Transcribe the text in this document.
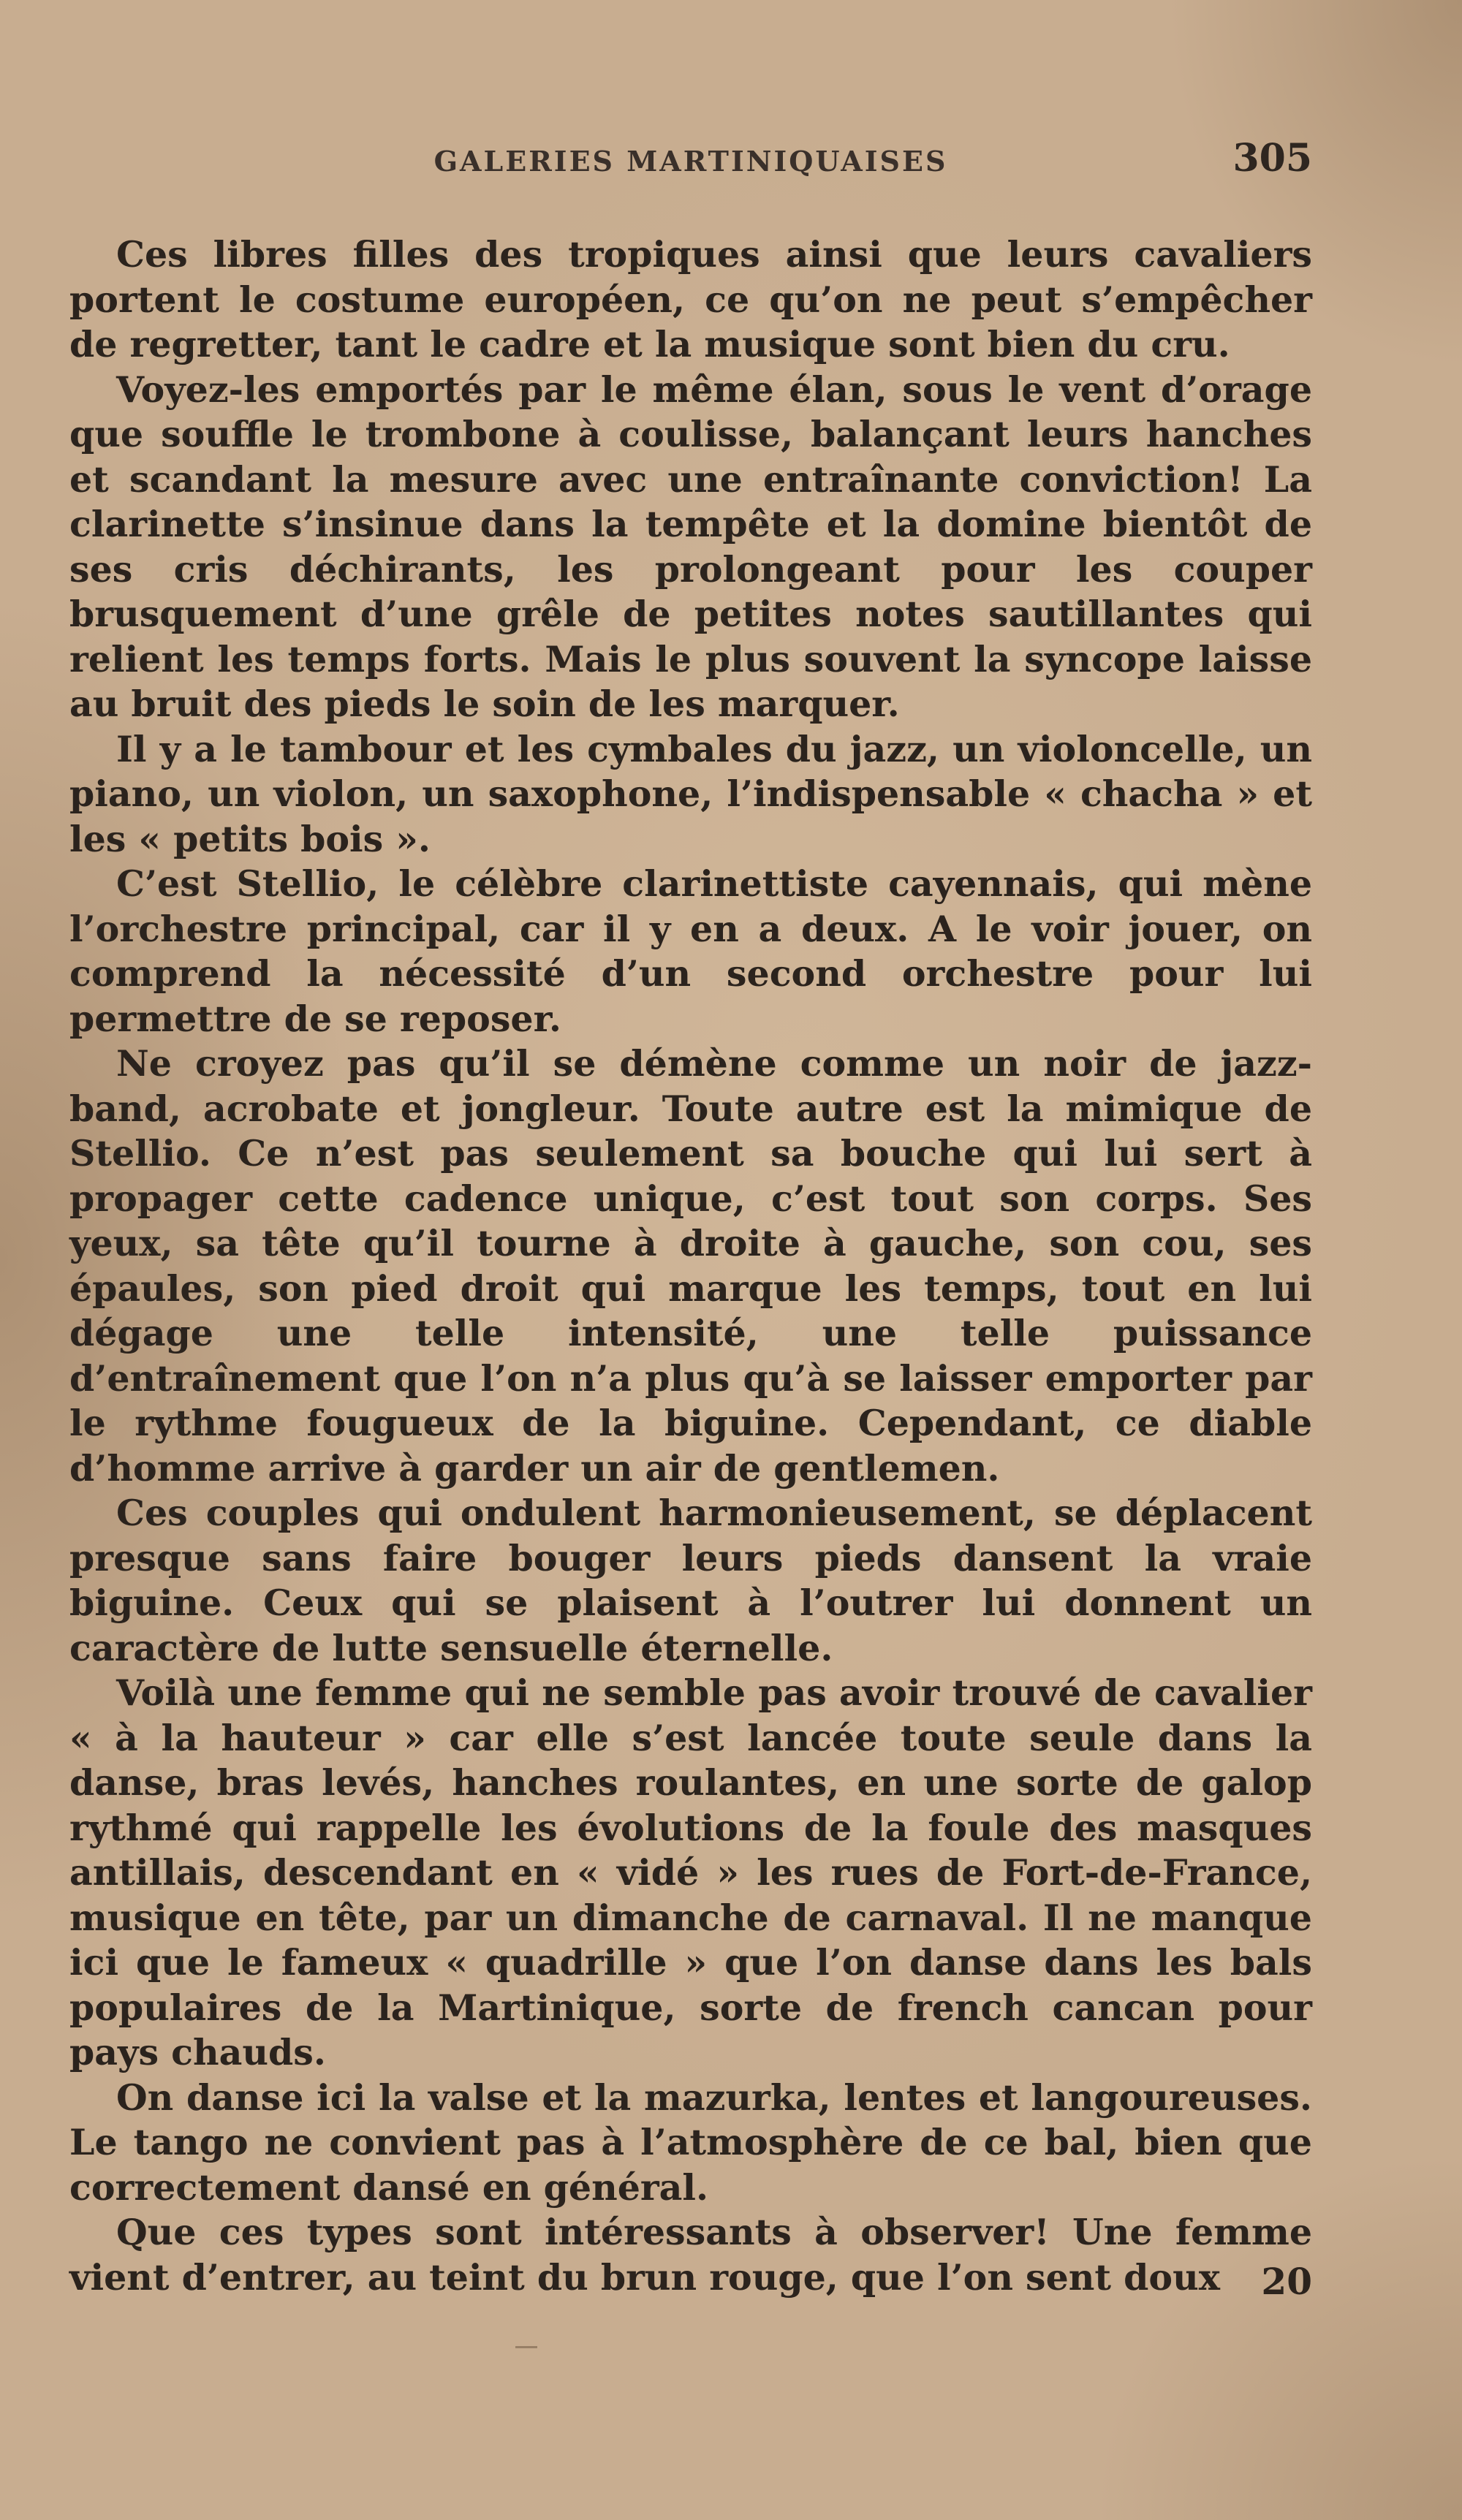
GALERIES MARTINIQUAISES	305

Ces libres filles des tropiques ainsi que leurs cavaliers portent le costume européen, ce qu’on ne peut s’empêcher de regretter, tant le cadre et la musique sont bien du cru.

Voyez-les emportés par le même élan, sous le vent d’orage que souffle le trombone à coulisse, balançant leurs hanches et scandant la mesure avec une entraînante conviction! La clarinette s’insinue dans la tempête et la domine bientôt de ses cris déchirants, les prolongeant pour les couper brusquement d’une grêle de petites notes sautillantes qui relient les temps forts. Mais le plus souvent la syncope laisse au bruit des pieds le soin de les marquer.

Il y a le tambour et les cymbales du jazz, un violoncelle, un piano, un violon, un saxophone, l’indispensable « chacha » et les « petits bois ».

C’est Stellio, le célèbre clarinettiste cayennais, qui mène l’orchestre principal, car il y en a deux. A le voir jouer, on comprend la nécessité d’un second orchestre pour lui permettre de se reposer.

Ne croyez pas qu’il se démène comme un noir de jazz-band, acrobate et jongleur. Toute autre est la mimique de Stellio. Ce n’est pas seulement sa bouche qui lui sert à propager cette cadence unique, c’est tout son corps. Ses yeux, sa tête qu’il tourne à droite à gauche, son cou, ses épaules, son pied droit qui marque les temps, tout en lui dégage une telle intensité, une telle puissance d’entraînement que l’on n’a plus qu’à se laisser emporter par le rythme fougueux de la biguine. Cependant, ce diable d’homme arrive à garder un air de gentlemen.

Ces couples qui ondulent harmonieusement, se déplacent presque sans faire bouger leurs pieds dansent la vraie biguine. Ceux qui se plaisent à l’outrer lui donnent un caractère de lutte sensuelle éternelle.

Voilà une femme qui ne semble pas avoir trouvé de cavalier « à la hauteur » car elle s’est lancée toute seule dans la danse, bras levés, hanches roulantes, en une sorte de galop rythmé qui rappelle les évolutions de la foule des masques antillais, descendant en « vidé » les rues de Fort-de-France, musique en tête, par un dimanche de carnaval. Il ne manque ici que le fameux « quadrille » que l’on danse dans les bals populaires de la Martinique, sorte de french cancan pour pays chauds.

On danse ici la valse et la mazurka, lentes et langoureuses. Le tango ne convient pas à l’atmosphère de ce bal, bien que correctement dansé en général.

Que ces types sont intéressants à observer! Une femme vient d’entrer, au teint du brun rouge, que l’on sent doux	20
